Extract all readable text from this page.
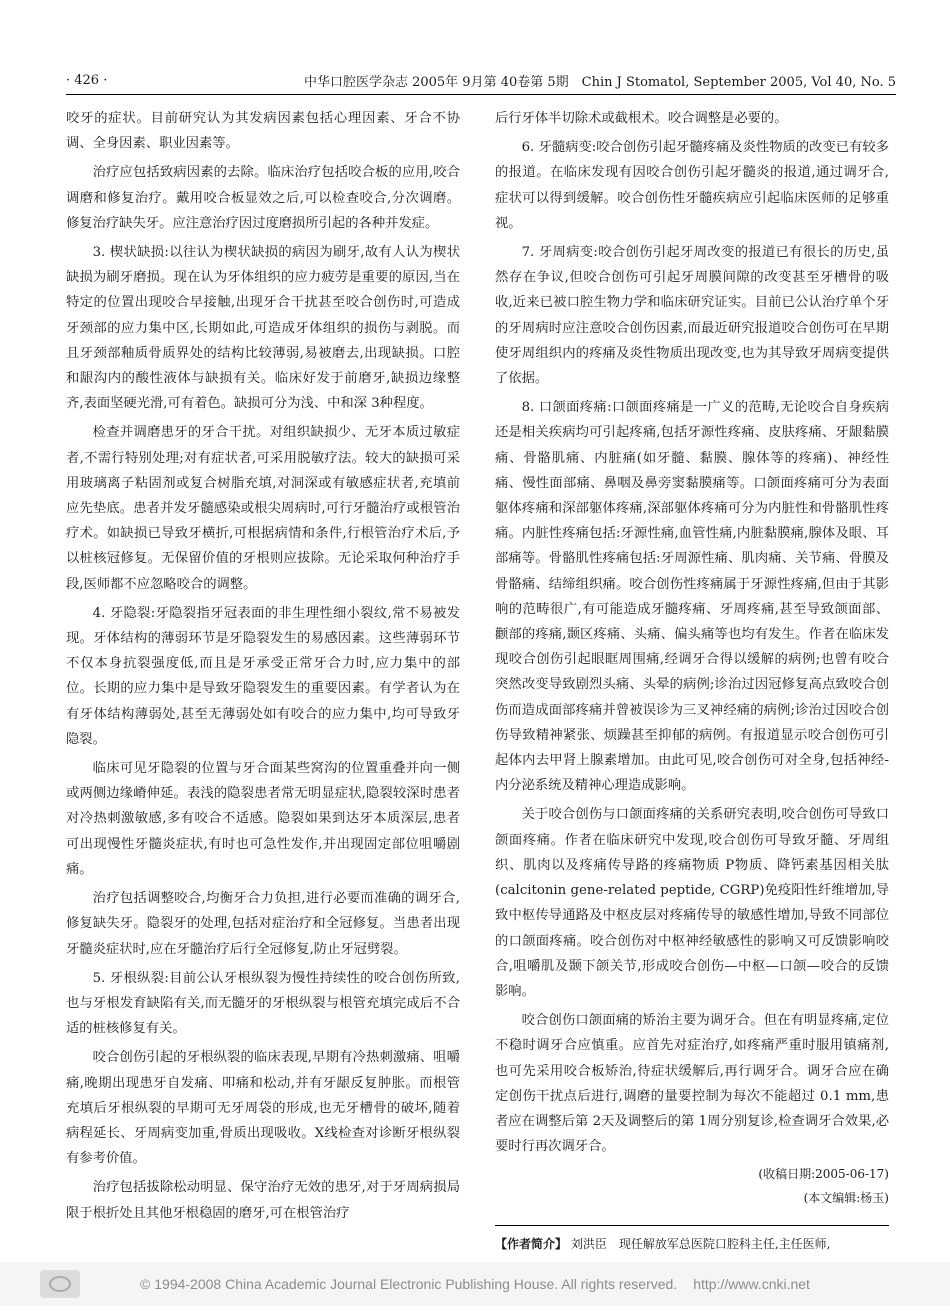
· 426 ·	中华口腔医学杂志 2005年 9月第 40卷第 5期　Chin J Stomatol, September 2005, Vol 40, No. 5

咬牙的症状。目前研究认为其发病因素包括心理因素、牙合不协调、全身因素、职业因素等。

治疗应包括致病因素的去除。临床治疗包括咬合板的应用,咬合调磨和修复治疗。戴用咬合板显效之后,可以检查咬合,分次调磨。修复治疗缺失牙。应注意治疗因过度磨损所引起的各种并发症。

3. 楔状缺损:以往认为楔状缺损的病因为刷牙,故有人认为楔状缺损为刷牙磨损。现在认为牙体组织的应力疲劳是重要的原因,当在特定的位置出现咬合早接触,出现牙合干扰甚至咬合创伤时,可造成牙颈部的应力集中区,长期如此,可造成牙体组织的损伤与剥脱。而且牙颈部釉质骨质界处的结构比较薄弱,易被磨去,出现缺损。口腔和龈沟内的酸性液体与缺损有关。临床好发于前磨牙,缺损边缘整齐,表面坚硬光滑,可有着色。缺损可分为浅、中和深 3种程度。

检查并调磨患牙的牙合干扰。对组织缺损少、无牙本质过敏症者,不需行特别处理;对有症状者,可采用脱敏疗法。较大的缺损可采用玻璃离子粘固剂或复合树脂充填,对洞深或有敏感症状者,充填前应先垫底。患者并发牙髓感染或根尖周病时,可行牙髓治疗或根管治疗术。如缺损已导致牙横折,可根据病情和条件,行根管治疗术后,予以桩核冠修复。无保留价值的牙根则应拔除。无论采取何种治疗手段,医师都不应忽略咬合的调整。

4. 牙隐裂:牙隐裂指牙冠表面的非生理性细小裂纹,常不易被发现。牙体结构的薄弱环节是牙隐裂发生的易感因素。这些薄弱环节不仅本身抗裂强度低,而且是牙承受正常牙合力时,应力集中的部位。长期的应力集中是导致牙隐裂发生的重要因素。有学者认为在有牙体结构薄弱处,甚至无薄弱处如有咬合的应力集中,均可导致牙隐裂。

临床可见牙隐裂的位置与牙合面某些窝沟的位置重叠并向一侧或两侧边缘嵴伸延。表浅的隐裂患者常无明显症状,隐裂较深时患者对冷热刺激敏感,多有咬合不适感。隐裂如果到达牙本质深层,患者可出现慢性牙髓炎症状,有时也可急性发作,并出现固定部位咀嚼剧痛。

治疗包括调整咬合,均衡牙合力负担,进行必要而准确的调牙合,修复缺失牙。隐裂牙的处理,包括对症治疗和全冠修复。当患者出现牙髓炎症状时,应在牙髓治疗后行全冠修复,防止牙冠劈裂。

5. 牙根纵裂:目前公认牙根纵裂为慢性持续性的咬合创伤所致,也与牙根发育缺陷有关,而无髓牙的牙根纵裂与根管充填完成后不合适的桩核修复有关。

咬合创伤引起的牙根纵裂的临床表现,早期有冷热刺激痛、咀嚼痛,晚期出现患牙自发痛、叩痛和松动,并有牙龈反复肿胀。而根管充填后牙根纵裂的早期可无牙周袋的形成,也无牙槽骨的破坏,随着病程延长、牙周病变加重,骨质出现吸收。X线检查对诊断牙根纵裂有参考价值。

治疗包括拔除松动明显、保守治疗无效的患牙,对于牙周病损局限于根折处且其他牙根稳固的磨牙,可在根管治疗

后行牙体半切除术或截根术。咬合调整是必要的。

6. 牙髓病变:咬合创伤引起牙髓疼痛及炎性物质的改变已有较多的报道。在临床发现有因咬合创伤引起牙髓炎的报道,通过调牙合,症状可以得到缓解。咬合创伤性牙髓疾病应引起临床医师的足够重视。

7. 牙周病变:咬合创伤引起牙周改变的报道已有很长的历史,虽然存在争议,但咬合创伤可引起牙周膜间隙的改变甚至牙槽骨的吸收,近来已被口腔生物力学和临床研究证实。目前已公认治疗单个牙的牙周病时应注意咬合创伤因素,而最近研究报道咬合创伤可在早期使牙周组织内的疼痛及炎性物质出现改变,也为其导致牙周病变提供了依据。

8. 口颌面疼痛:口颌面疼痛是一广义的范畴,无论咬合自身疾病还是相关疾病均可引起疼痛,包括牙源性疼痛、皮肤疼痛、牙龈黏膜痛、骨骼肌痛、内脏痛(如牙髓、黏膜、腺体等的疼痛)、神经性痛、慢性面部痛、鼻咽及鼻旁窦黏膜痛等。口颌面疼痛可分为表面躯体疼痛和深部躯体疼痛,深部躯体疼痛可分为内脏性和骨骼肌性疼痛。内脏性疼痛包括:牙源性痛,血管性痛,内脏黏膜痛,腺体及眼、耳部痛等。骨骼肌性疼痛包括:牙周源性痛、肌肉痛、关节痛、骨膜及骨骼痛、结缔组织痛。咬合创伤性疼痛属于牙源性疼痛,但由于其影响的范畴很广,有可能造成牙髓疼痛、牙周疼痛,甚至导致颌面部、颧部的疼痛,颞区疼痛、头痛、偏头痛等也均有发生。作者在临床发现咬合创伤引起眼眶周围痛,经调牙合得以缓解的病例;也曾有咬合突然改变导致剧烈头痛、头晕的病例;诊治过因冠修复高点致咬合创伤而造成面部疼痛并曾被误诊为三叉神经痛的病例;诊治过因咬合创伤导致精神紧张、烦躁甚至抑郁的病例。有报道显示咬合创伤可引起体内去甲肾上腺素增加。由此可见,咬合创伤可对全身,包括神经-内分泌系统及精神心理造成影响。

关于咬合创伤与口颌面疼痛的关系研究表明,咬合创伤可导致口颌面疼痛。作者在临床研究中发现,咬合创伤可导致牙髓、牙周组织、肌肉以及疼痛传导路的疼痛物质 P物质、降钙素基因相关肽(calcitonin gene-related peptide, CGRP)免疫阳性纤维增加,导致中枢传导通路及中枢皮层对疼痛传导的敏感性增加,导致不同部位的口颌面疼痛。咬合创伤对中枢神经敏感性的影响又可反馈影响咬合,咀嚼肌及颞下颌关节,形成咬合创伤—中枢—口颌—咬合的反馈影响。

咬合创伤口颌面痛的矫治主要为调牙合。但在有明显疼痛,定位不稳时调牙合应慎重。应首先对症治疗,如疼痛严重时服用镇痛剂,也可先采用咬合板矫治,待症状缓解后,再行调牙合。调牙合应在确定创伤干扰点后进行,调磨的量要控制为每次不能超过 0.1 mm,患者应在调整后第 2天及调整后的第 1周分别复诊,检查调牙合效果,必要时行再次调牙合。

(收稿日期:2005-06-17)
(本文编辑:杨玉)
【作者简介】 刘洪臣　现任解放军总医院口腔科主任,主任医师,
© 1994-2008 China Academic Journal Electronic Publishing House. All rights reserved. http://www.cnki.net
